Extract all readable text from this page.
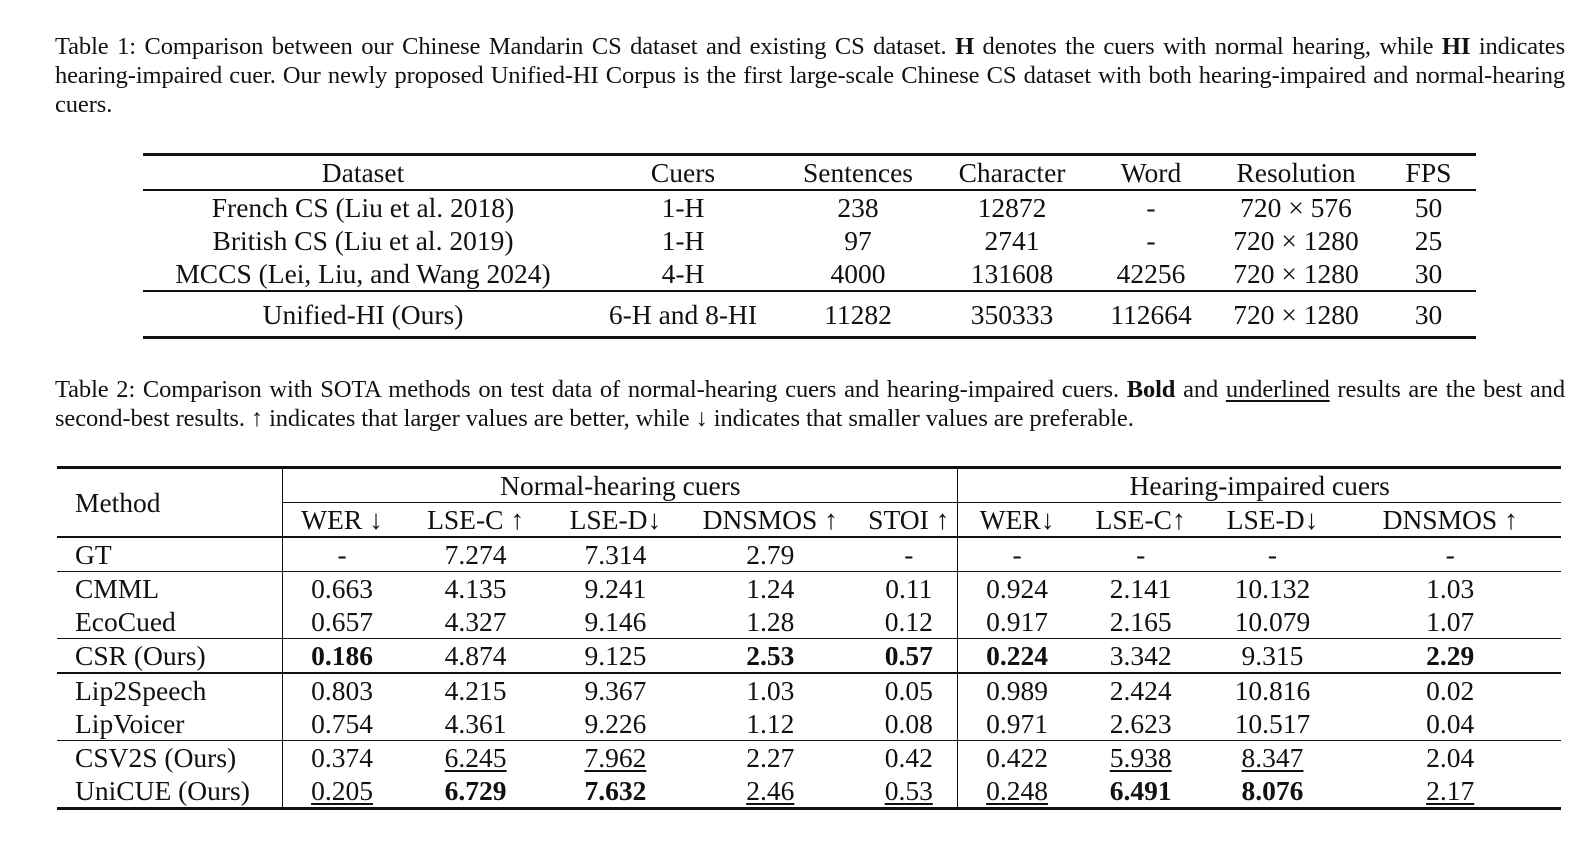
Table 1: Comparison between our Chinese Mandarin CS dataset and existing CS dataset. H denotes the cuers with normal hearing, while HI indicates hearing-impaired cuer. Our newly proposed Unified-HI Corpus is the first large-scale Chinese CS dataset with both hearing-impaired and normal-hearing cuers.
Dataset	Cuers	Sentences	Character	Word	Resolution	FPS
French CS (Liu et al. 2018)	1-H	238	12872	-	720 × 576	50
British CS (Liu et al. 2019)	1-H	97	2741	-	720 × 1280	25
MCCS (Lei, Liu, and Wang 2024)	4-H	4000	131608	42256	720 × 1280	30
Unified-HI (Ours)	6-H and 8-HI	11282	350333	112664	720 × 1280	30
Table 2: Comparison with SOTA methods on test data of normal-hearing cuers and hearing-impaired cuers. Bold and underlined results are the best and second-best results. ↑ indicates that larger values are better, while ↓ indicates that smaller values are preferable.
Method	Normal-hearing cuers					Hearing-impaired cuers			
	WER ↓	LSE-C ↑	LSE-D↓	DNSMOS ↑	STOI ↑	WER↓	LSE-C↑	LSE-D↓	DNSMOS ↑
GT	-	7.274	7.314	2.79	-	-	-	-	-
CMML	0.663	4.135	9.241	1.24	0.11	0.924	2.141	10.132	1.03
EcoCued	0.657	4.327	9.146	1.28	0.12	0.917	2.165	10.079	1.07
CSR (Ours)	0.186	4.874	9.125	2.53	0.57	0.224	3.342	9.315	2.29
Lip2Speech	0.803	4.215	9.367	1.03	0.05	0.989	2.424	10.816	0.02
LipVoicer	0.754	4.361	9.226	1.12	0.08	0.971	2.623	10.517	0.04
CSV2S (Ours)	0.374	6.245	7.962	2.27	0.42	0.422	5.938	8.347	2.04
UniCUE (Ours)	0.205	6.729	7.632	2.46	0.53	0.248	6.491	8.076	2.17
